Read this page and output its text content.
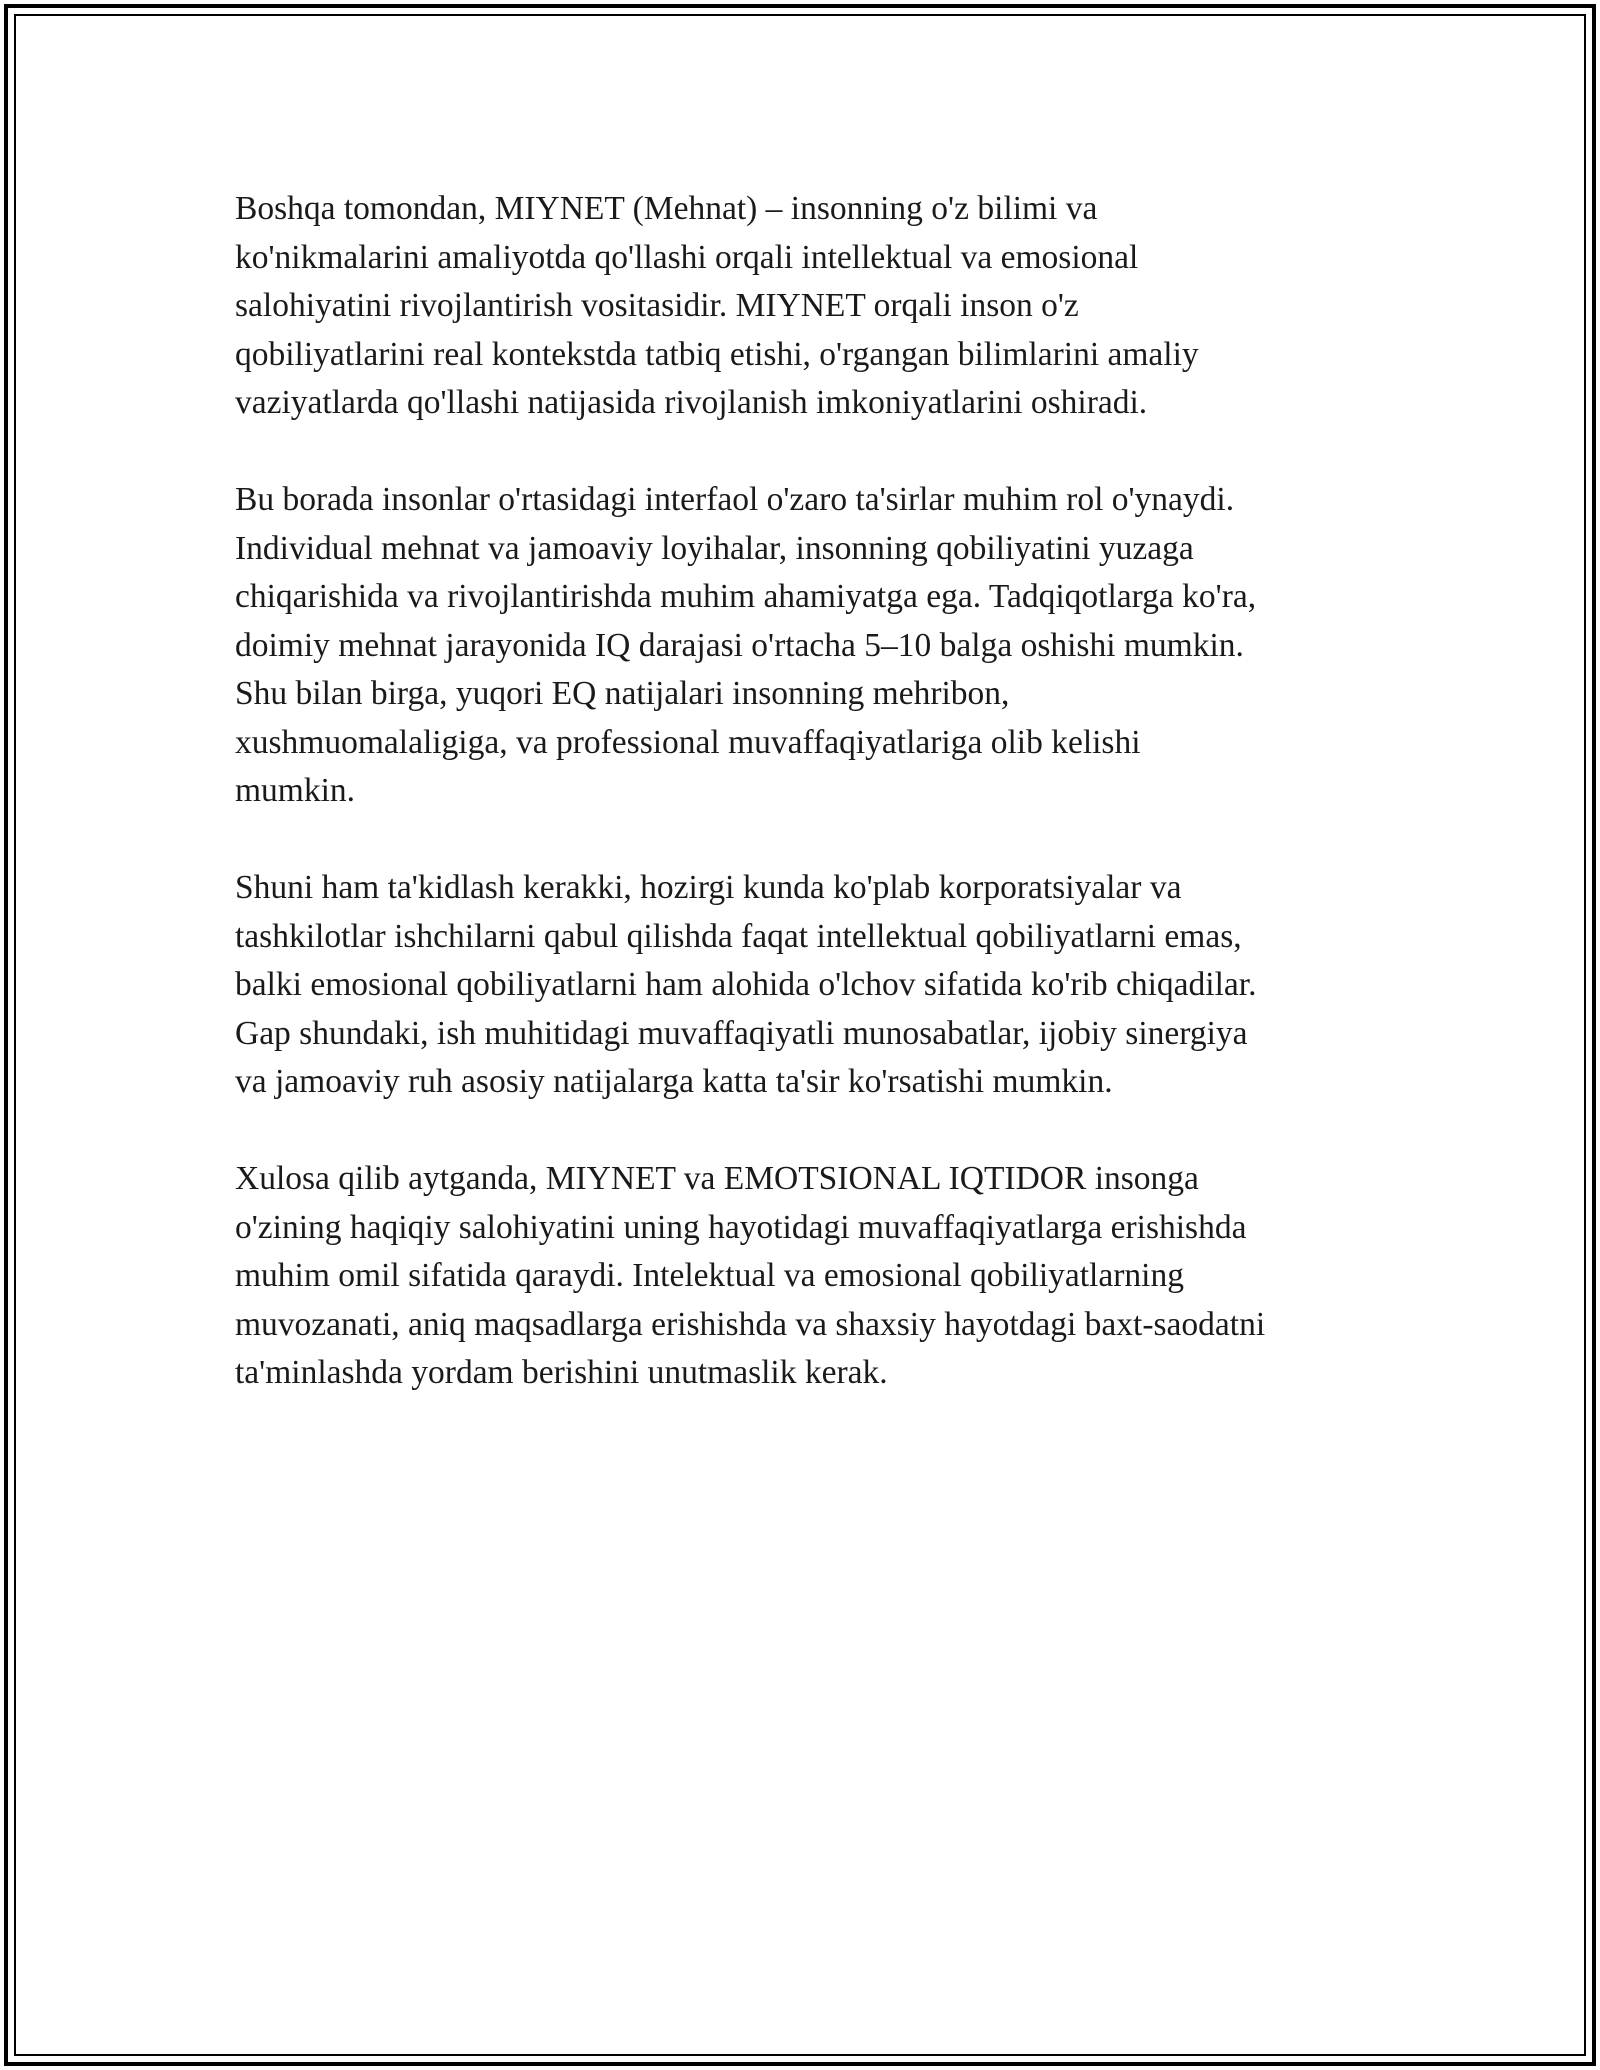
Boshqa tomondan, MIYNET (Mehnat) – insonning o'z bilimi va
ko'nikmalarini amaliyotda qo'llashi orqali intellektual va emosional
salohiyatini rivojlantirish vositasidir. MIYNET orqali inson o'z
qobiliyatlarini real kontekstda tatbiq etishi, o'rgangan bilimlarini amaliy
vaziyatlarda qo'llashi natijasida rivojlanish imkoniyatlarini oshiradi.

Bu borada insonlar o'rtasidagi interfaol o'zaro ta'sirlar muhim rol o'ynaydi.
Individual mehnat va jamoaviy loyihalar, insonning qobiliyatini yuzaga
chiqarishida va rivojlantirishda muhim ahamiyatga ega. Tadqiqotlarga ko'ra,
doimiy mehnat jarayonida IQ darajasi o'rtacha 5–10 balga oshishi mumkin.
Shu bilan birga, yuqori EQ natijalari insonning mehribon,
xushmuomalaligiga, va professional muvaffaqiyatlariga olib kelishi
mumkin.

Shuni ham ta'kidlash kerakki, hozirgi kunda ko'plab korporatsiyalar va
tashkilotlar ishchilarni qabul qilishda faqat intellektual qobiliyatlarni emas,
balki emosional qobiliyatlarni ham alohida o'lchov sifatida ko'rib chiqadilar.
Gap shundaki, ish muhitidagi muvaffaqiyatli munosabatlar, ijobiy sinergiya
va jamoaviy ruh asosiy natijalarga katta ta'sir ko'rsatishi mumkin.

Xulosa qilib aytganda, MIYNET va EMOTSIONAL IQTIDOR insonga
o'zining haqiqiy salohiyatini uning hayotidagi muvaffaqiyatlarga erishishda
muhim omil sifatida qaraydi. Intelektual va emosional qobiliyatlarning
muvozanati, aniq maqsadlarga erishishda va shaxsiy hayotdagi baxt-saodatni
ta'minlashda yordam berishini unutmaslik kerak.
